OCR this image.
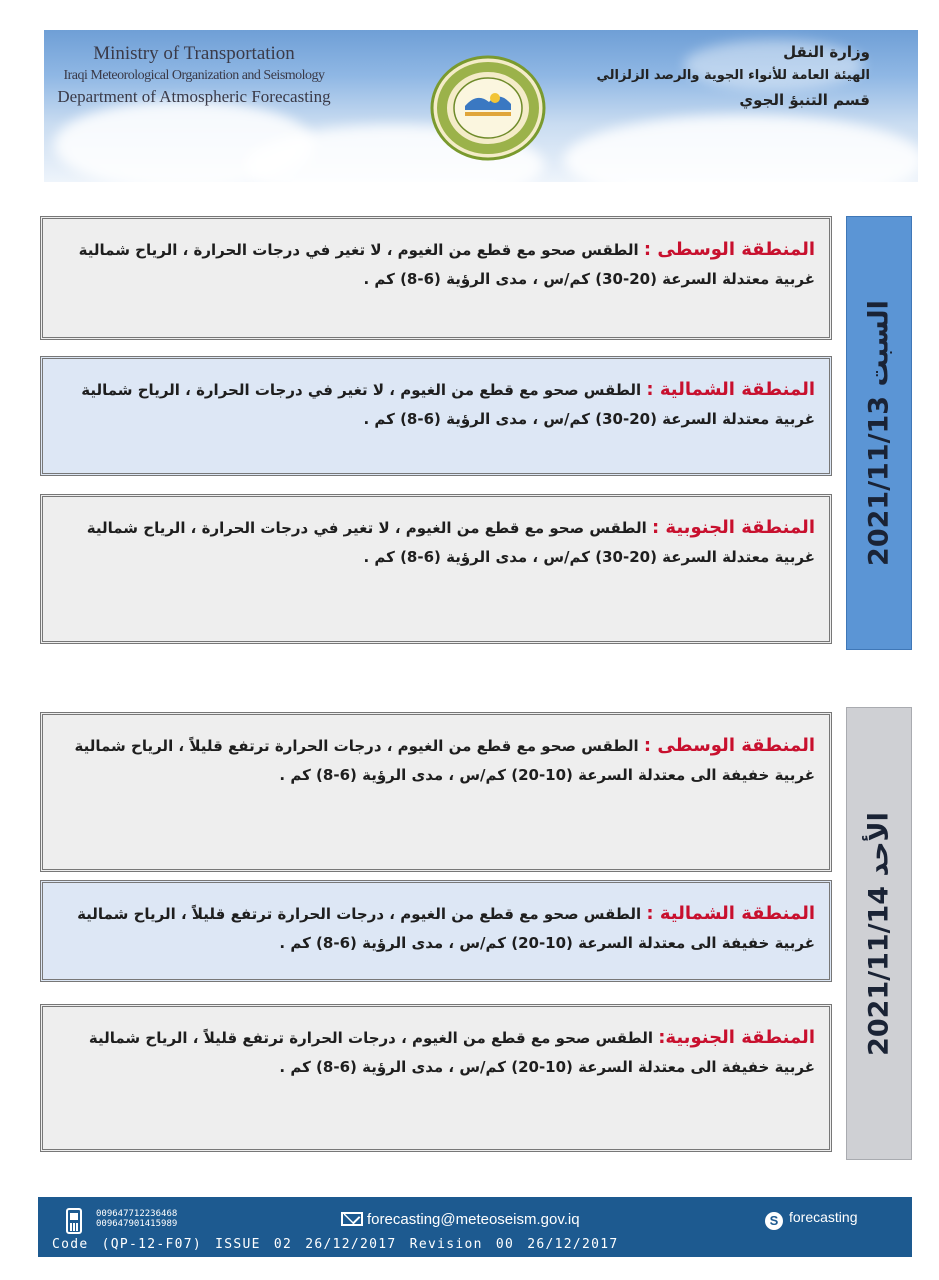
Ministry of Transportation
Iraqi Meteorological Organization and Seismology
Department of Atmospheric Forecasting
وزارة النقل
الهيئة العامة للأنواء الجوية والرصد الزلزالي
قسم التنبؤ الجوي
السبت 2021/11/13
المنطقة الوسطى : الطقس صحو مع قطع من الغيوم ، لا تغير في درجات الحرارة ، الرياح شمالية غربية معتدلة السرعة (20-30) كم/س ، مدى الرؤية (6-8) كم .
المنطقة الشمالية : الطقس صحو مع قطع من الغيوم ، لا تغير في درجات الحرارة ، الرياح شمالية غربية معتدلة السرعة (20-30) كم/س ، مدى الرؤية (6-8) كم .
المنطقة الجنوبية : الطقس صحو مع قطع من الغيوم ، لا تغير في درجات الحرارة ، الرياح شمالية غربية معتدلة السرعة (20-30) كم/س ، مدى الرؤية (6-8) كم .
الأحد 2021/11/14
المنطقة الوسطى : الطقس صحو مع قطع من الغيوم ، درجات الحرارة ترتفع قليلاً ، الرياح شمالية غربية خفيفة الى معتدلة السرعة (10-20) كم/س ، مدى الرؤية (6-8) كم .
المنطقة الشمالية : الطقس صحو مع قطع من الغيوم ، درجات الحرارة ترتفع قليلاً ، الرياح شمالية غربية خفيفة الى معتدلة السرعة (10-20) كم/س ، مدى الرؤية (6-8) كم .
المنطقة الجنوبية: الطقس صحو مع قطع من الغيوم ، درجات الحرارة ترتفع قليلاً ، الرياح شمالية غربية خفيفة الى معتدلة السرعة (10-20) كم/س ، مدى الرؤية (6-8) كم .
009647712236468
009647901415989	forecasting@meteoseism.gov.iq	S forecasting
Code (QP-12-F07) ISSUE 02 26/12/2017 Revision 00 26/12/2017
